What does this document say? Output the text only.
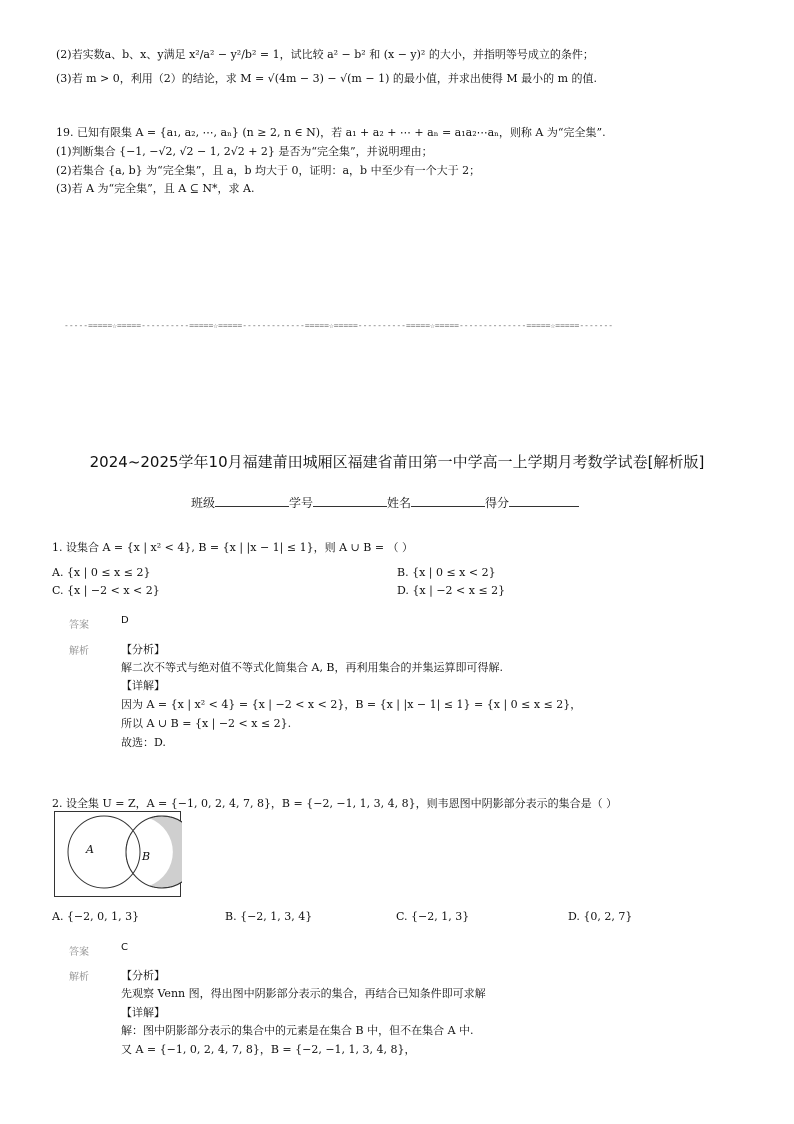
(2)若实数a、b、x、y满足 x²/a² − y²/b² = 1，试比较 a² − b² 和 (x − y)² 的大小，并指明等号成立的条件；
(3)若 m > 0，利用（2）的结论，求 M = √(4m − 3) − √(m − 1) 的最小值，并求出使得 M 最小的 m 的值.
19. 已知有限集 A = {a₁, a₂, ⋯, aₙ} (n ≥ 2, n ∈ N)，若 a₁ + a₂ + ⋯ + aₙ = a₁a₂⋯aₙ，则称 A 为“完全集”.
(1)判断集合 {−1, −√2, √2 − 1, 2√2 + 2} 是否为“完全集”，并说明理由；
(2)若集合 {a, b} 为“完全集”，且 a，b 均大于 0，证明：a，b 中至少有一个大于 2；
(3)若 A 为“完全集”，且 A ⊆ N*，求 A.
-----=====☆=====----------=====☆=====-------------=====☆=====----------=====☆=====--------------=====☆=====-------
2024~2025学年10月福建莆田城厢区福建省莆田第一中学高一上学期月考数学试卷[解析版]
班级	学号	姓名	得分
1. 设集合 A = {x | x² < 4}, B = {x | |x − 1| ≤ 1}，则 A ∪ B = （ ）
A. {x | 0 ≤ x ≤ 2}	B. {x | 0 ≤ x < 2}
C. {x | −2 < x < 2}	D. {x | −2 < x ≤ 2}
答案	D
解析	【分析】
解二次不等式与绝对值不等式化简集合 A, B，再利用集合的并集运算即可得解.
【详解】
因为 A = {x | x² < 4} = {x | −2 < x < 2}，B = {x | |x − 1| ≤ 1} = {x | 0 ≤ x ≤ 2}，
所以 A ∪ B = {x | −2 < x ≤ 2}.
故选：D.
2. 设全集 U = Z，A = {−1, 0, 2, 4, 7, 8}，B = {−2, −1, 1, 3, 4, 8}，则韦恩图中阴影部分表示的集合是（ ）
A
B
A. {−2, 0, 1, 3}	B. {−2, 1, 3, 4}	C. {−2, 1, 3}	D. {0, 2, 7}
答案	C
解析	【分析】
先观察 Venn 图，得出图中阴影部分表示的集合，再结合已知条件即可求解
【详解】
解：图中阴影部分表示的集合中的元素是在集合 B 中，但不在集合 A 中.
又 A = {−1, 0, 2, 4, 7, 8}，B = {−2, −1, 1, 3, 4, 8}，
